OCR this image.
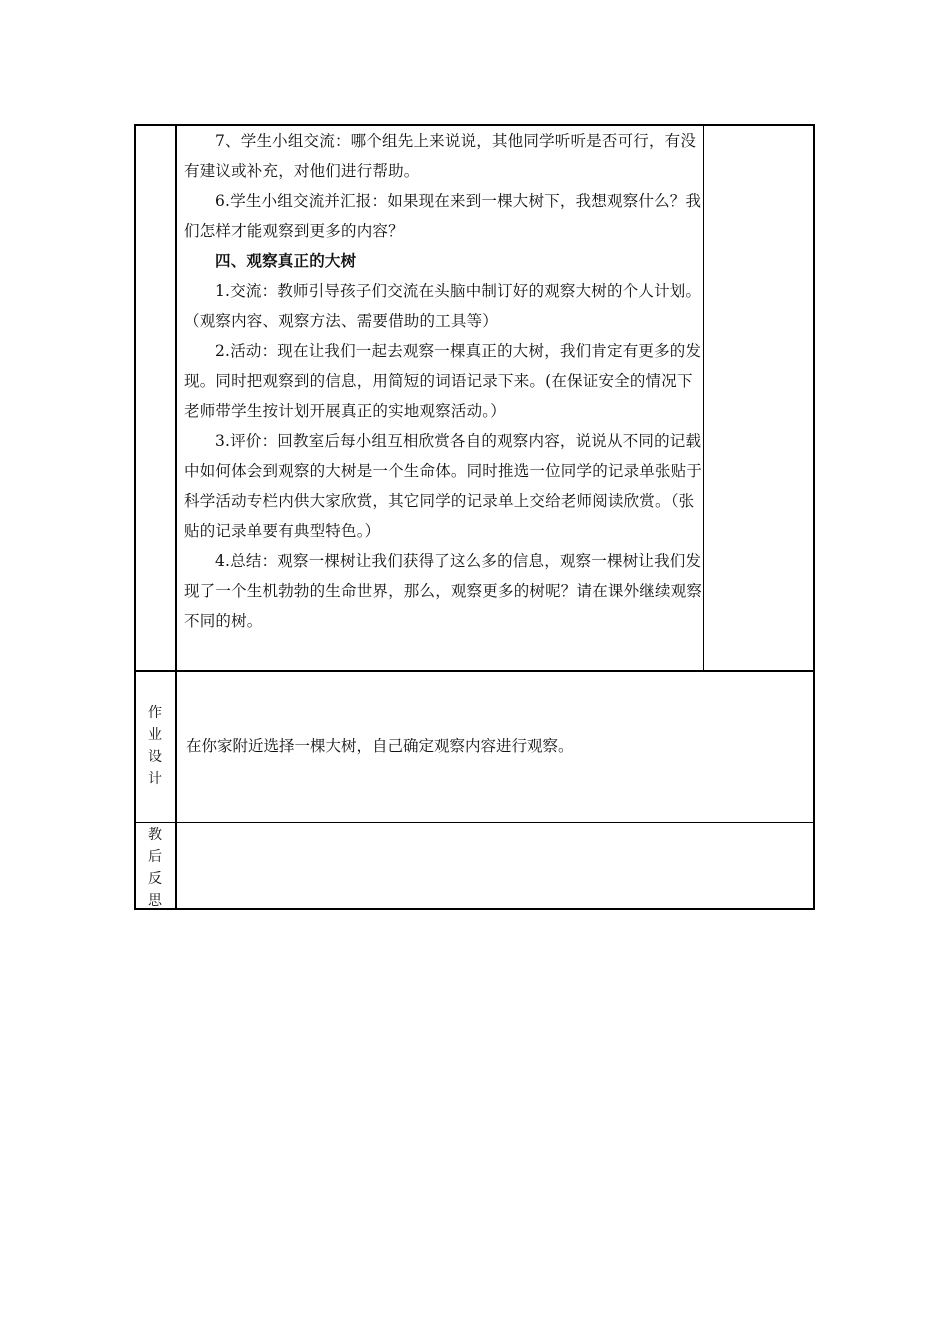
7、学生小组交流：哪个组先上来说说，其他同学听听是否可行，有没有建议或补充，对他们进行帮助。

6.学生小组交流并汇报：如果现在来到一棵大树下，我想观察什么？我们怎样才能观察到更多的内容？

四、观察真正的大树

1.交流：教师引导孩子们交流在头脑中制订好的观察大树的个人计划。（观察内容、观察方法、需要借助的工具等）

2.活动：现在让我们一起去观察一棵真正的大树，我们肯定有更多的发现。同时把观察到的信息，用简短的词语记录下来。(在保证安全的情况下老师带学生按计划开展真正的实地观察活动。）

3.评价：回教室后每小组互相欣赏各自的观察内容，说说从不同的记载中如何体会到观察的大树是一个生命体。同时推选一位同学的记录单张贴于科学活动专栏内供大家欣赏，其它同学的记录单上交给老师阅读欣赏。（张贴的记录单要有典型特色。）

4.总结：观察一棵树让我们获得了这么多的信息，观察一棵树让我们发现了一个生机勃勃的生命世界，那么，观察更多的树呢？请在课外继续观察不同的树。

作业设计
在你家附近选择一棵大树，自己确定观察内容进行观察。
教后反思
